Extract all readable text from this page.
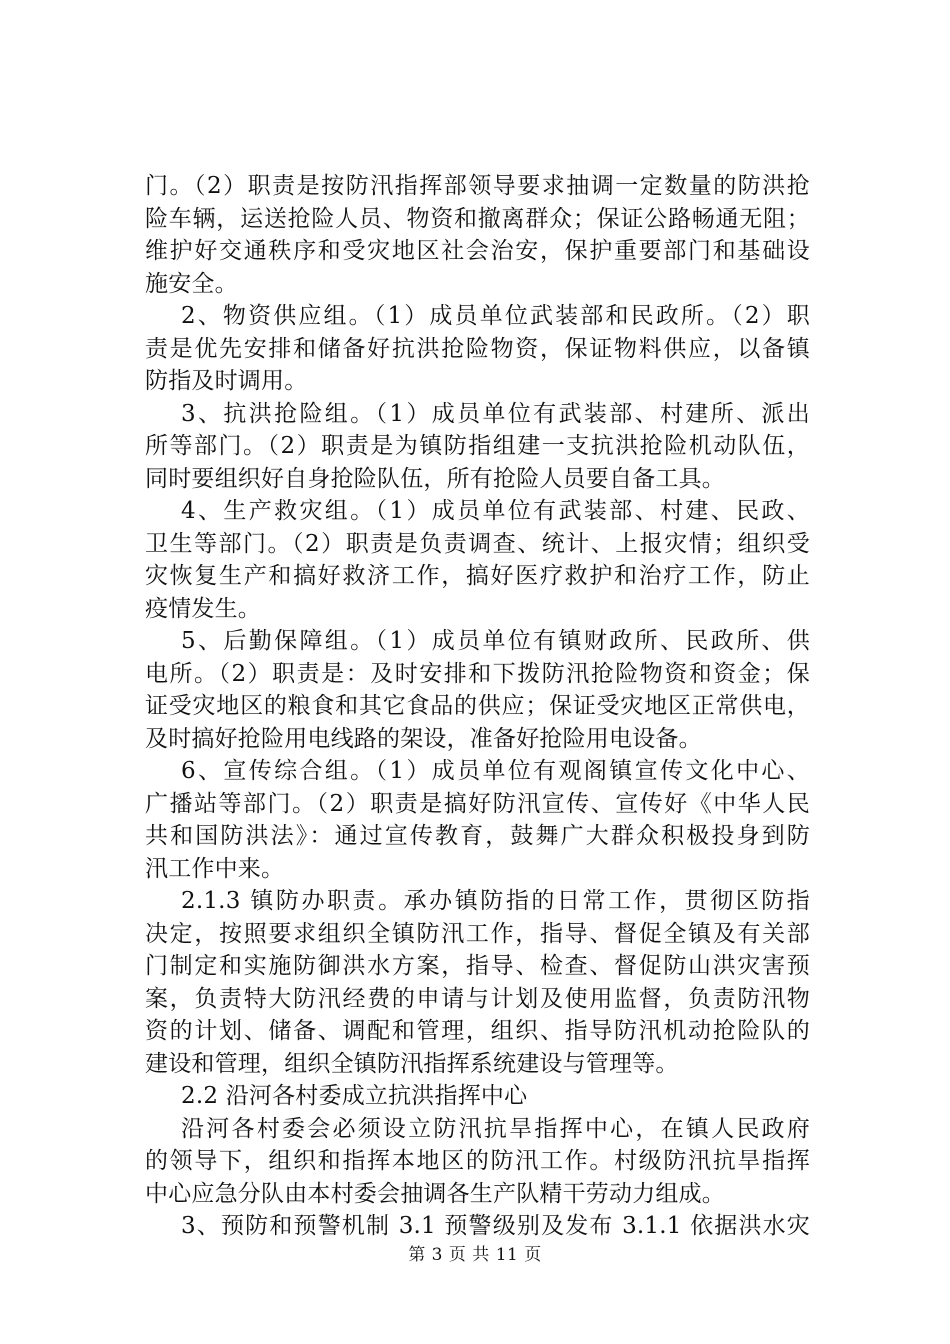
门。（2）职责是按防汛指挥部领导要求抽调一定数量的防洪抢
险车辆，运送抢险人员、物资和撤离群众；保证公路畅通无阻；
维护好交通秩序和受灾地区社会治安，保护重要部门和基础设
施安全。
2、物资供应组。（1）成员单位武装部和民政所。（2）职
责是优先安排和储备好抗洪抢险物资，保证物料供应，以备镇
防指及时调用。
3、抗洪抢险组。（1）成员单位有武装部、村建所、派出
所等部门。（2）职责是为镇防指组建一支抗洪抢险机动队伍，
同时要组织好自身抢险队伍，所有抢险人员要自备工具。
4、生产救灾组。（1）成员单位有武装部、村建、民政、
卫生等部门。（2）职责是负责调查、统计、上报灾情；组织受
灾恢复生产和搞好救济工作，搞好医疗救护和治疗工作，防止
疫情发生。
5、后勤保障组。（1）成员单位有镇财政所、民政所、供
电所。（2）职责是：及时安排和下拨防汛抢险物资和资金；保
证受灾地区的粮食和其它食品的供应；保证受灾地区正常供电，
及时搞好抢险用电线路的架设，准备好抢险用电设备。
6、宣传综合组。（1）成员单位有观阁镇宣传文化中心、
广播站等部门。（2）职责是搞好防汛宣传、宣传好《中华人民
共和国防洪法》：通过宣传教育，鼓舞广大群众积极投身到防
汛工作中来。
2.1.3 镇防办职责。承办镇防指的日常工作，贯彻区防指
决定，按照要求组织全镇防汛工作，指导、督促全镇及有关部
门制定和实施防御洪水方案，指导、检查、督促防山洪灾害预
案，负责特大防汛经费的申请与计划及使用监督，负责防汛物
资的计划、储备、调配和管理，组织、指导防汛机动抢险队的
建设和管理，组织全镇防汛指挥系统建设与管理等。
2.2 沿河各村委成立抗洪指挥中心
沿河各村委会必须设立防汛抗旱指挥中心，在镇人民政府
的领导下，组织和指挥本地区的防汛工作。村级防汛抗旱指挥
中心应急分队由本村委会抽调各生产队精干劳动力组成。
3、预防和预警机制 3.1 预警级别及发布 3.1.1 依据洪水灾
第 3 页 共 11 页
